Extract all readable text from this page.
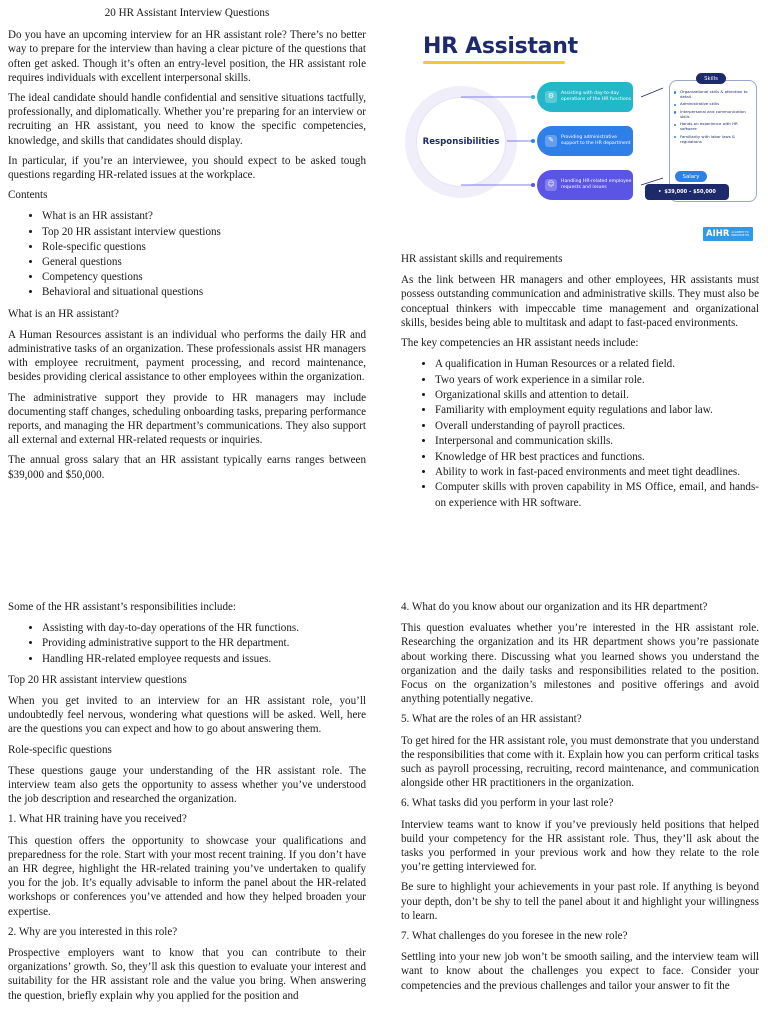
20 HR Assistant Interview Questions

Do you have an upcoming interview for an HR assistant role? There’s no better way to prepare for the interview than having a clear picture of the questions that often get asked. Though it’s often an entry-level position, the HR assistant role requires individuals with excellent interpersonal skills.

The ideal candidate should handle confidential and sensitive situations tactfully, professionally, and diplomatically. Whether you’re preparing for an interview or recruiting an HR assistant, you need to know the specific competencies, knowledge, and skills that candidates should display.

In particular, if you’re an interviewee, you should expect to be asked tough questions regarding HR-related issues at the workplace.

Contents

• What is an HR assistant?
• Top 20 HR assistant interview questions
• Role-specific questions
• General questions
• Competency questions
• Behavioral and situational questions

What is an HR assistant?

A Human Resources assistant is an individual who performs the daily HR and administrative tasks of an organization. These professionals assist HR managers with employee recruitment, payment processing, and record maintenance, besides providing clerical assistance to other employees within the organization.

The administrative support they provide to HR managers may include documenting staff changes, scheduling onboarding tasks, preparing performance reports, and managing the HR department’s communications. They also support all external and external HR-related requests or inquiries.

The annual gross salary that an HR assistant typically earns ranges between $39,000 and $50,000.

HR Assistant
Responsibilities
⚙	Assisting with day-to-day operations of the HR functions
✎	Providing administrative support to the HR department
☺	Handling HR-related employee requests and issues
Skills
Organizational skills & attention to detail
Administrative skills
Interpersonal and communication skills
Hands-on experience with HR software
Familiarity with labor laws & regulations
Salary
• $39,000 – $50,000
AIHR ACADEMY TO INNOVATE HR

HR assistant skills and requirements

As the link between HR managers and other employees, HR assistants must possess outstanding communication and administrative skills. They must also be conceptual thinkers with impeccable time management and organizational skills, besides being able to multitask and adapt to fast-paced environments.

The key competencies an HR assistant needs include:

• A qualification in Human Resources or a related field.
• Two years of work experience in a similar role.
• Organizational skills and attention to detail.
• Familiarity with employment equity regulations and labor law.
• Overall understanding of payroll practices.
• Interpersonal and communication skills.
• Knowledge of HR best practices and functions.
• Ability to work in fast-paced environments and meet tight deadlines.
• Computer skills with proven capability in MS Office, email, and hands-on experience with HR software.

Some of the HR assistant’s responsibilities include:

• Assisting with day-to-day operations of the HR functions.
• Providing administrative support to the HR department.
• Handling HR-related employee requests and issues.

Top 20 HR assistant interview questions

When you get invited to an interview for an HR assistant role, you’ll undoubtedly feel nervous, wondering what questions will be asked. Well, here are the questions you can expect and how to go about answering them.

Role-specific questions

These questions gauge your understanding of the HR assistant role. The interview team also gets the opportunity to assess whether you’ve understood the job description and researched the organization.

1. What HR training have you received?

This question offers the opportunity to showcase your qualifications and preparedness for the role. Start with your most recent training. If you don’t have an HR degree, highlight the HR-related training you’ve undertaken to qualify you for the job. It’s equally advisable to inform the panel about the HR-related workshops or conferences you’ve attended and how they helped broaden your expertise.

2. Why are you interested in this role?

Prospective employers want to know that you can contribute to their organizations’ growth. So, they’ll ask this question to evaluate your interest and suitability for the HR assistant role and the value you bring. When answering the question, briefly explain why you applied for the position and

4. What do you know about our organization and its HR department?

This question evaluates whether you’re interested in the HR assistant role. Researching the organization and its HR department shows you’re passionate about working there. Discussing what you learned shows you understand the organization and the daily tasks and responsibilities related to the position. Focus on the organization’s milestones and positive offerings and avoid anything potentially negative.

5. What are the roles of an HR assistant?

To get hired for the HR assistant role, you must demonstrate that you understand the responsibilities that come with it. Explain how you can perform critical tasks such as payroll processing, recruiting, record maintenance, and communication alongside other HR practitioners in the organization.

6. What tasks did you perform in your last role?

Interview teams want to know if you’ve previously held positions that helped build your competency for the HR assistant role. Thus, they’ll ask about the tasks you performed in your previous work and how they relate to the role you’re getting interviewed for.

Be sure to highlight your achievements in your past role. If anything is beyond your depth, don’t be shy to tell the panel about it and highlight your willingness to learn.

7. What challenges do you foresee in the new role?

Settling into your new job won’t be smooth sailing, and the interview team will want to know about the challenges you expect to face. Consider your competencies and the previous challenges and tailor your answer to fit the
